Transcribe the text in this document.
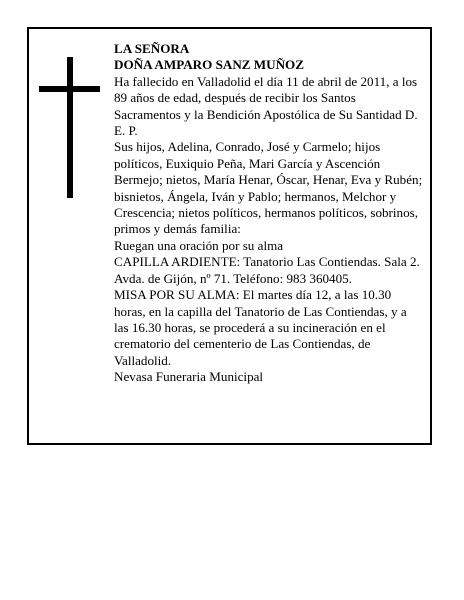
LA SEÑORA

DOÑA AMPARO SANZ MUÑOZ

Ha fallecido en Valladolid el día 11 de abril de 2011, a los 89 años de edad, después de recibir los Santos Sacramentos y la Bendición Apostólica de Su Santidad D. E. P.

Sus hijos, Adelina, Conrado, José y Carmelo; hijos políticos, Euxiquio Peña, Mari García y Ascención Bermejo; nietos, María Henar, Óscar, Henar, Eva y Rubén; bisnietos, Ángela, Iván y Pablo; hermanos, Melchor y Crescencia; nietos políticos, hermanos políticos, sobrinos, primos y demás familia:

Ruegan una oración por su alma

CAPILLA ARDIENTE: Tanatorio Las Contiendas. Sala 2. Avda. de Gijón, nº 71. Teléfono: 983 360405.

MISA POR SU ALMA: El martes día 12, a las 10.30 horas, en la capilla del Tanatorio de Las Contiendas, y a las 16.30 horas, se procederá a su incineración en el crematorio del cementerio de Las Contiendas, de Valladolid.

Nevasa Funeraria Municipal
